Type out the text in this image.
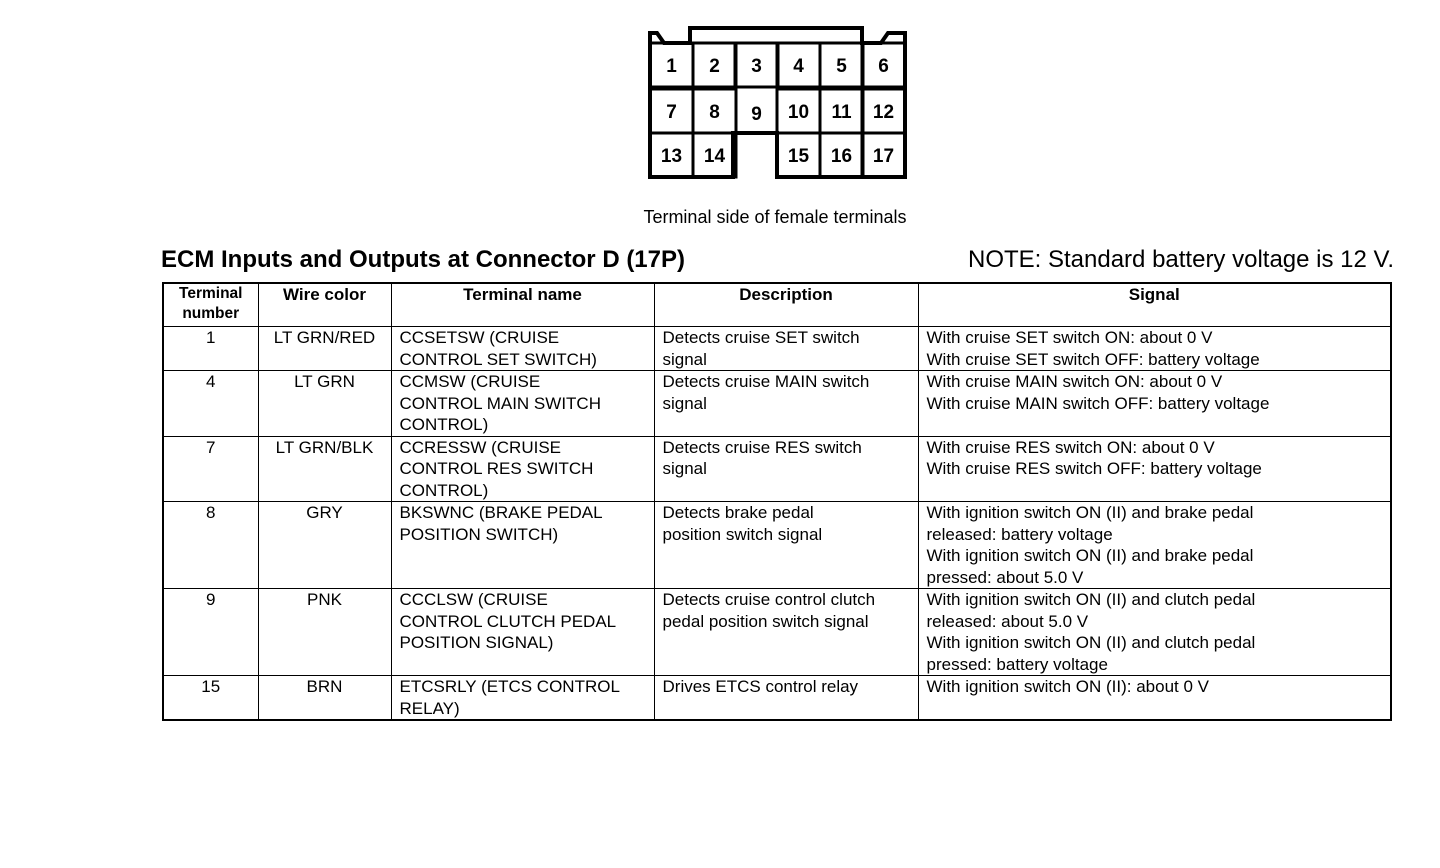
1 2 3 4 5 6
7 8 9 10 11 12
13 14	15 16 17
Terminal side of female terminals
ECM Inputs and Outputs at Connector D (17P)	NOTE: Standard battery voltage is 12 V.
Terminal
number	Wire color	Terminal name	Description	Signal
1	LT GRN/RED	CCSETSW (CRUISE
CONTROL SET SWITCH)	Detects cruise SET switch
signal	With cruise SET switch ON: about 0 V
With cruise SET switch OFF: battery voltage

4	LT GRN	CCMSW (CRUISE
CONTROL MAIN SWITCH
CONTROL)	Detects cruise MAIN switch
signal	With cruise MAIN switch ON: about 0 V
With cruise MAIN switch OFF: battery voltage

7	LT GRN/BLK	CCRESSW (CRUISE
CONTROL RES SWITCH
CONTROL)	Detects cruise RES switch
signal	With cruise RES switch ON: about 0 V
With cruise RES switch OFF: battery voltage

8	GRY	BKSWNC (BRAKE PEDAL
POSITION SWITCH)	Detects brake pedal
position switch signal	With ignition switch ON (II) and brake pedal
released: battery voltage
With ignition switch ON (II) and brake pedal
pressed: about 5.0 V

9	PNK	CCCLSW (CRUISE
CONTROL CLUTCH PEDAL
POSITION SIGNAL)	Detects cruise control clutch
pedal position switch signal	With ignition switch ON (II) and clutch pedal
released: about 5.0 V
With ignition switch ON (II) and clutch pedal
pressed: battery voltage

15	BRN	ETCSRLY (ETCS CONTROL
RELAY)	Drives ETCS control relay	With ignition switch ON (II): about 0 V
